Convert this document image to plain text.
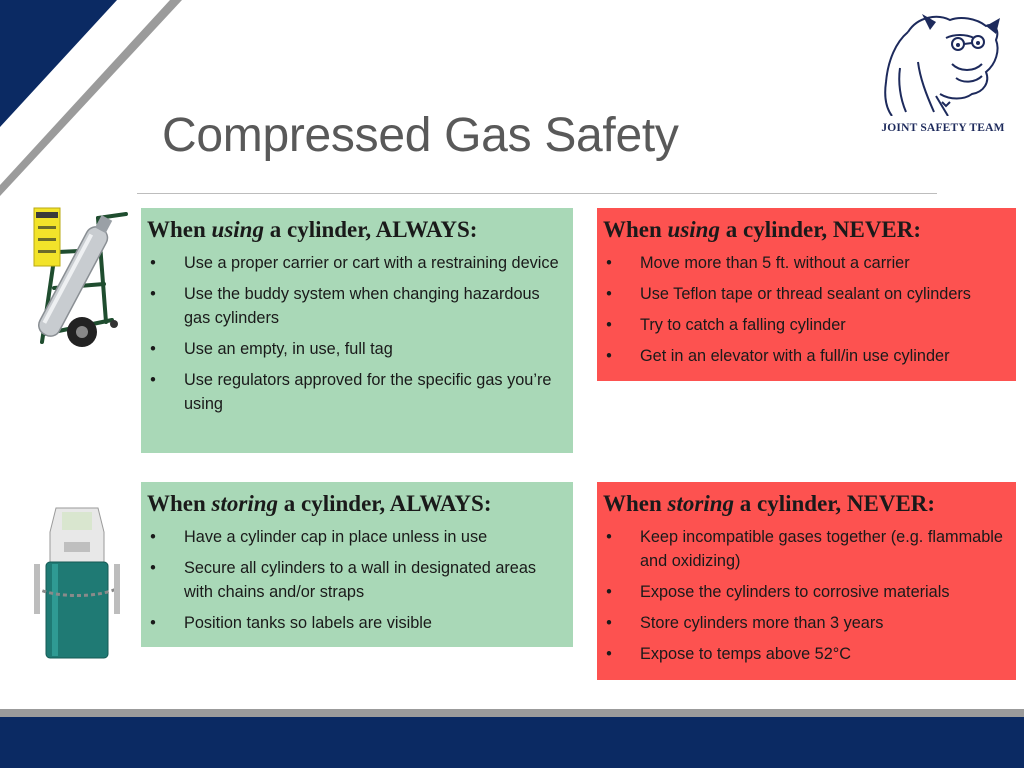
JOINT SAFETY TEAM
Compressed Gas Safety
When using a cylinder, ALWAYS:
• Use a proper carrier or cart with a restraining device
• Use the buddy system when changing hazardous gas cylinders
• Use an empty, in use, full tag
• Use regulators approved for the specific gas you’re using
When using a cylinder, NEVER:
• Move more than 5 ft. without a carrier
• Use Teflon tape or thread sealant on cylinders
• Try to catch a falling cylinder
• Get in an elevator with a full/in use cylinder
When storing a cylinder, ALWAYS:
• Have a cylinder cap in place unless in use
• Secure all cylinders to a wall in designated areas with chains and/or straps
• Position tanks so labels are visible
When storing a cylinder, NEVER:
• Keep incompatible gases together (e.g. flammable and oxidizing)
• Expose the cylinders to corrosive materials
• Store cylinders more than 3 years
• Expose to temps above 52°C
